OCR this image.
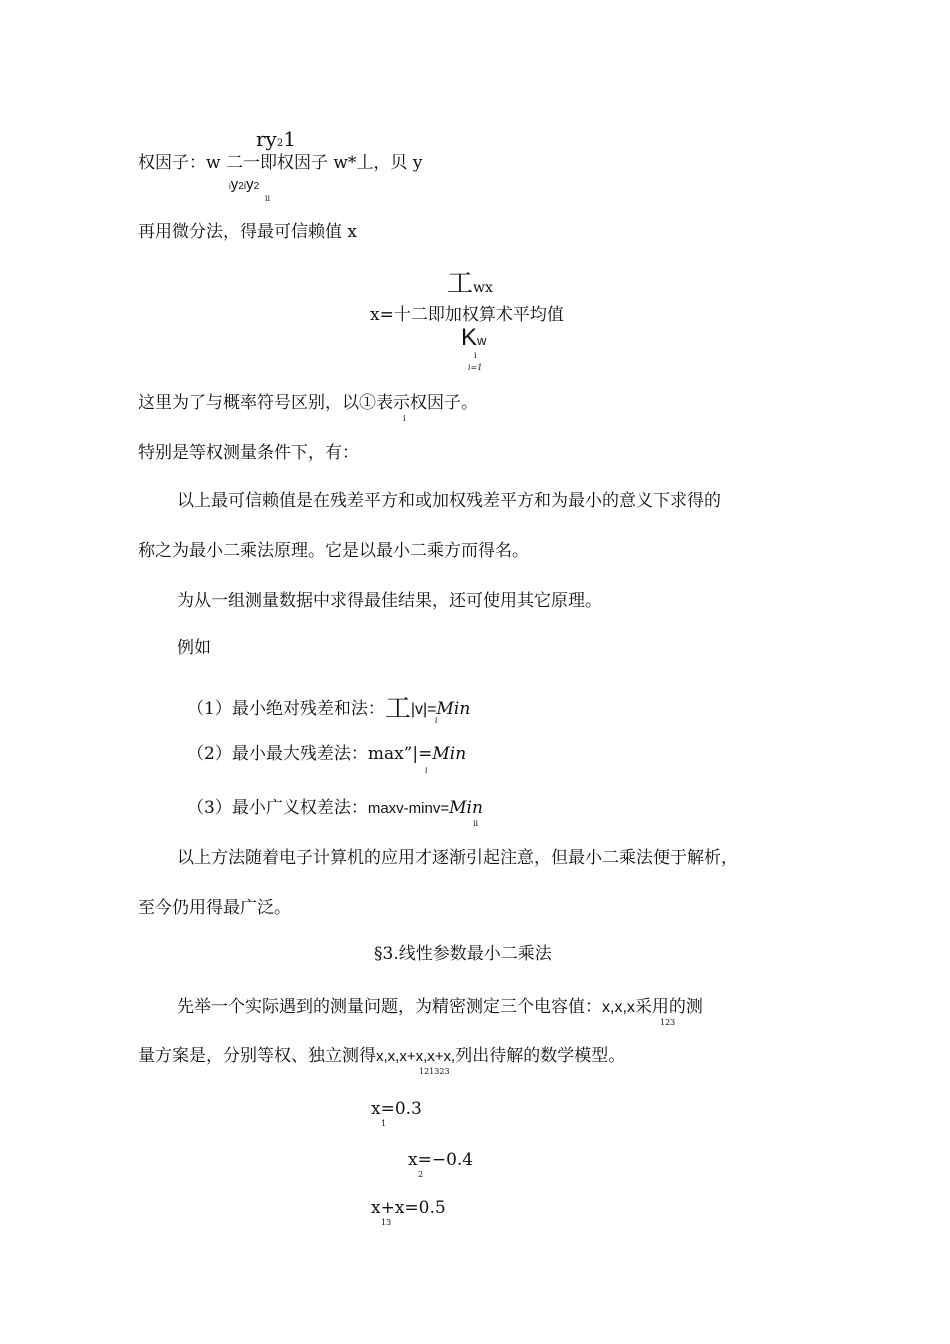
ry21
权因子：w 二一即权因子 w*丄，贝 y
iy2iy2
ii
再用微分法，得最可信赖值 x
工wx
x=十二即加权算术平均值
Kw
i
i=1
这里为了与概率符号区别，以①表示权因子。
i
特别是等权测量条件下，有：
以上最可信赖值是在残差平方和或加权残差平方和为最小的意义下求得的
称之为最小二乘法原理。它是以最小二乘方而得名。
为从一组测量数据中求得最佳结果，还可使用其它原理。
例如
（1）最小绝对残差和法：工|v|=Min
i
（2）最小最大残差法：max”|=Min
i
（3）最小广义权差法：maxv-minv=Min
ii
以上方法随着电子计算机的应用才逐渐引起注意，但最小二乘法便于解析，
至今仍用得最广泛。
§3.线性参数最小二乘法
先举一个实际遇到的测量问题，为精密测定三个电容值：x,x,x采用的测
123
量方案是，分别等权、独立测得x,x,x+x,x+x,列出待解的数学模型。
121323
x=0.3
1
x=−0.4
2
x+x=0.5
13
